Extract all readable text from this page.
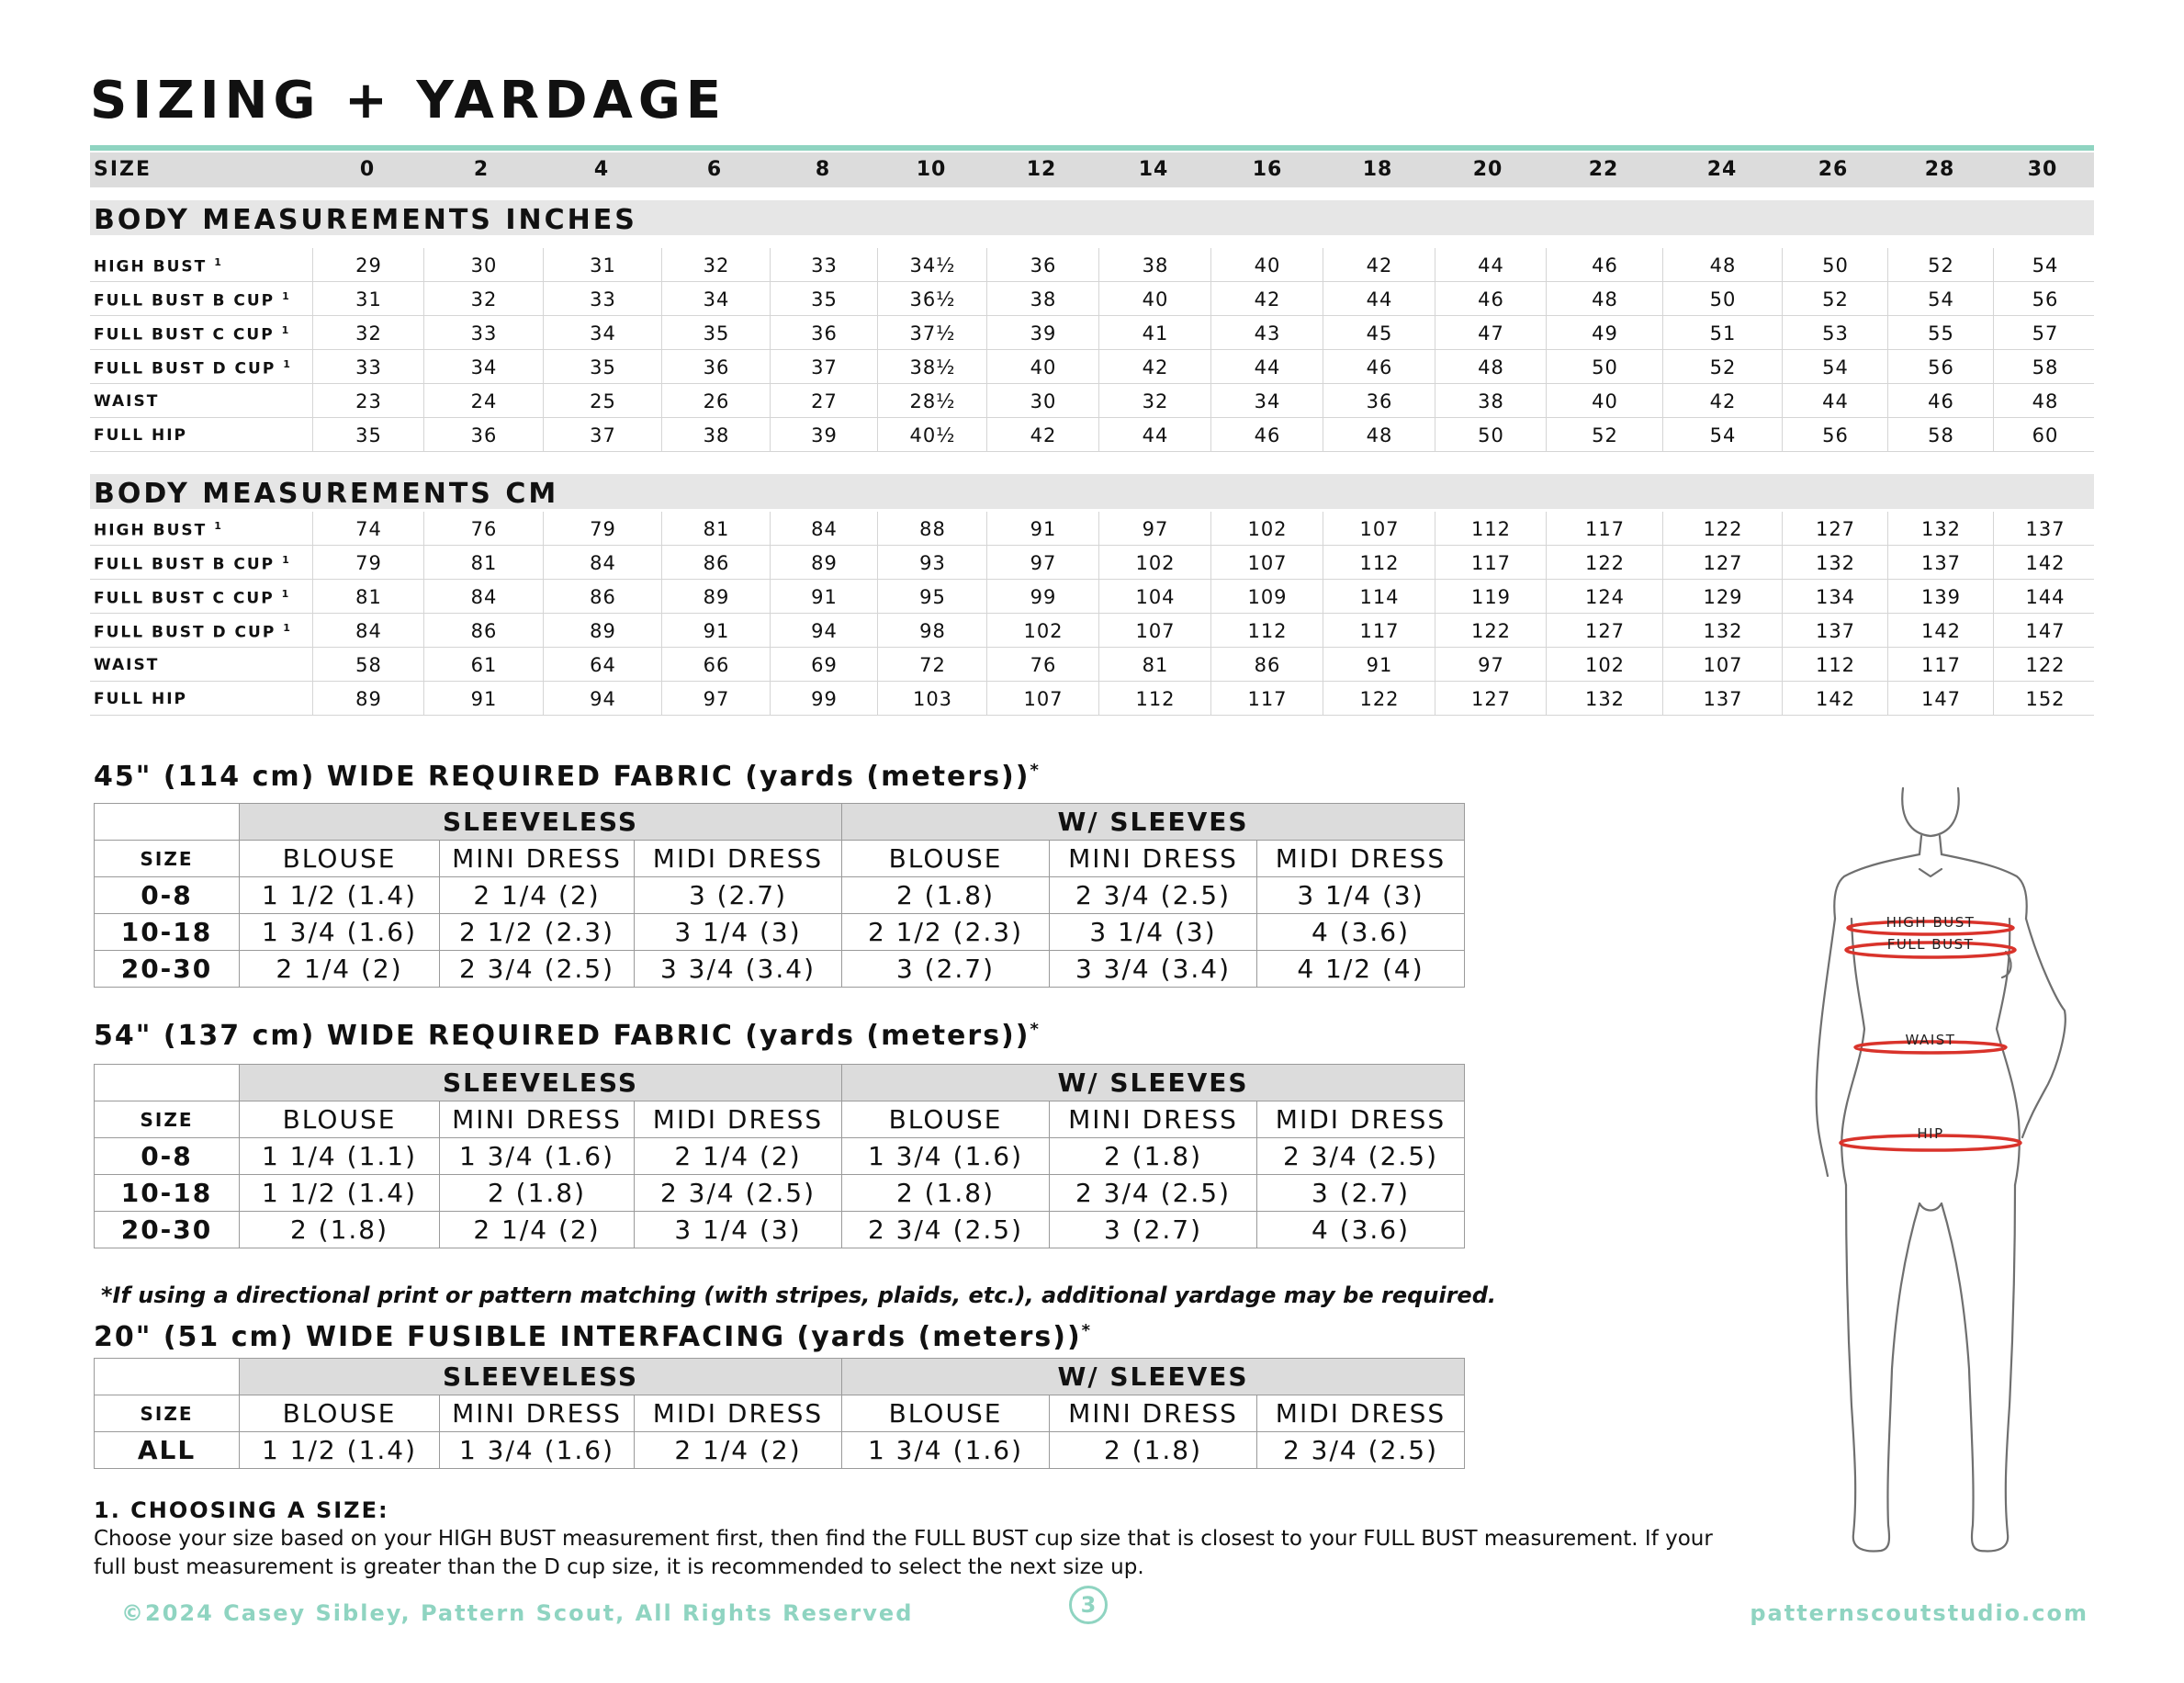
SIZING + YARDAGE
SIZE	0	2	4	6	8	10	12	14	16	18	20	22	24	26	28	30
BODY MEASUREMENTS INCHES
HIGH BUST $^1$	29	30	31	32	33	34½	36	38	40	42	44	46	48	50	52	54
FULL BUST B CUP $^1$	31	32	33	34	35	36½	38	40	42	44	46	48	50	52	54	56
FULL BUST C CUP $^1$	32	33	34	35	36	37½	39	41	43	45	47	49	51	53	55	57
FULL BUST D CUP $^1$	33	34	35	36	37	38½	40	42	44	46	48	50	52	54	56	58
WAIST	23	24	25	26	27	28½	30	32	34	36	38	40	42	44	46	48
FULL HIP	35	36	37	38	39	40½	42	44	46	48	50	52	54	56	58	60
BODY MEASUREMENTS CM
HIGH BUST $^1$	74	76	79	81	84	88	91	97	102	107	112	117	122	127	132	137
FULL BUST B CUP $^1$	79	81	84	86	89	93	97	102	107	112	117	122	127	132	137	142
FULL BUST C CUP $^1$	81	84	86	89	91	95	99	104	109	114	119	124	129	134	139	144
FULL BUST D CUP $^1$	84	86	89	91	94	98	102	107	112	117	122	127	132	137	142	147
WAIST	58	61	64	66	69	72	76	81	86	91	97	102	107	112	117	122
FULL HIP	89	91	94	97	99	103	107	112	117	122	127	132	137	142	147	152
45" (114 cm) WIDE REQUIRED FABRIC (yards (meters))*
	SLEEVELESS			W/ SLEEVES		
SIZE	BLOUSE	MINI DRESS	MIDI DRESS	BLOUSE	MINI DRESS	MIDI DRESS
0-8	1 1/2 (1.4)	2 1/4 (2)	3 (2.7)	2 (1.8)	2 3/4 (2.5)	3 1/4 (3)
10-18	1 3/4 (1.6)	2 1/2 (2.3)	3 1/4 (3)	2 1/2 (2.3)	3 1/4 (3)	4 (3.6)
20-30	2 1/4 (2)	2 3/4 (2.5)	3 3/4 (3.4)	3 (2.7)	3 3/4 (3.4)	4 1/2 (4)
54" (137 cm) WIDE REQUIRED FABRIC (yards (meters))*
	SLEEVELESS			W/ SLEEVES		
SIZE	BLOUSE	MINI DRESS	MIDI DRESS	BLOUSE	MINI DRESS	MIDI DRESS
0-8	1 1/4 (1.1)	1 3/4 (1.6)	2 1/4 (2)	1 3/4 (1.6)	2 (1.8)	2 3/4 (2.5)
10-18	1 1/2 (1.4)	2 (1.8)	2 3/4 (2.5)	2 (1.8)	2 3/4 (2.5)	3 (2.7)
20-30	2 (1.8)	2 1/4 (2)	3 1/4 (3)	2 3/4 (2.5)	3 (2.7)	4 (3.6)
20" (51 cm) WIDE FUSIBLE INTERFACING (yards (meters))*
	SLEEVELESS			W/ SLEEVES		
SIZE	BLOUSE	MINI DRESS	MIDI DRESS	BLOUSE	MINI DRESS	MIDI DRESS
ALL	1 1/2 (1.4)	1 3/4 (1.6)	2 1/4 (2)	1 3/4 (1.6)	2 (1.8)	2 3/4 (2.5)

*If using a directional print or pattern matching (with stripes, plaids, etc.), additional yardage may be required.

1. CHOOSING A SIZE:

Choose your size based on your HIGH BUST measurement first, then find the FULL BUST cup size that is closest to your FULL BUST measurement. If your full bust measurement is greater than the D cup size, it is recommended to select the next size up.

HIGH BUST
FULL BUST
WAIST
HIP
©2024 Casey Sibley, Pattern Scout, All Rights Reserved	3	patternscoutstudio.com
